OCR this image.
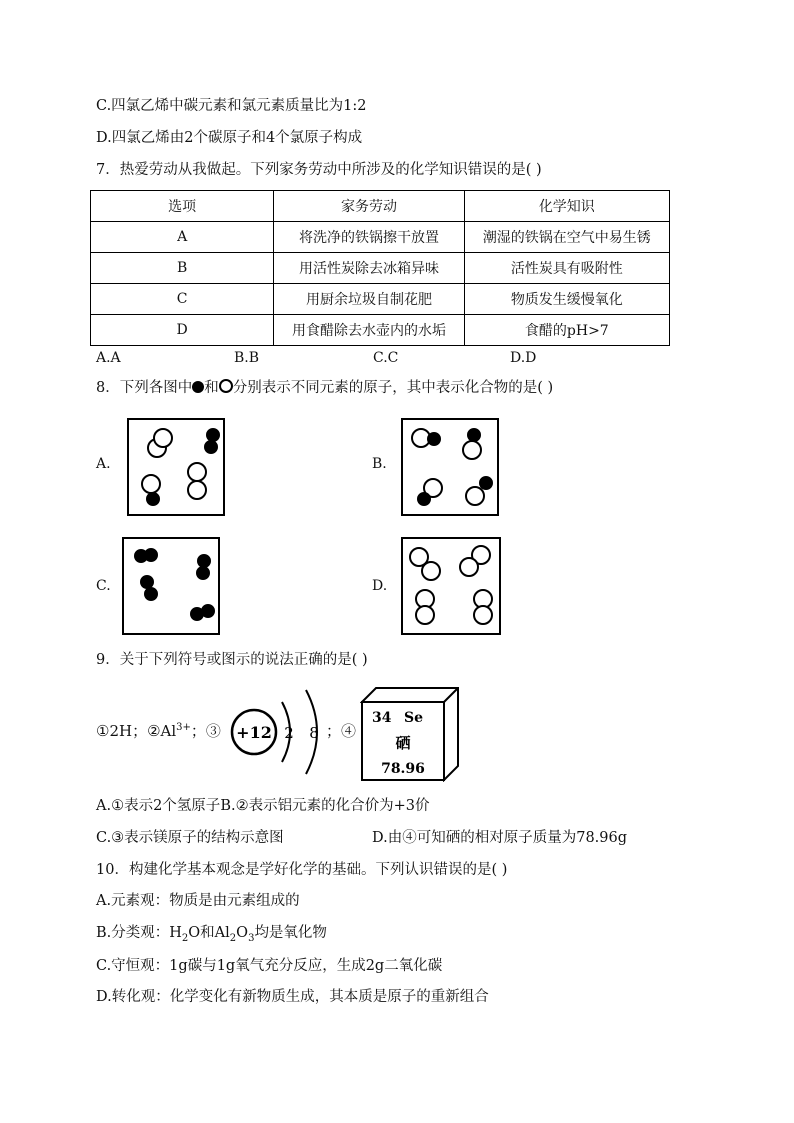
C.四氯乙烯中碳元素和氯元素质量比为1:2
D.四氯乙烯由2个碳原子和4个氯原子构成
7．热爱劳动从我做起。下列家务劳动中所涉及的化学知识错误的是( )
选项	家务劳动	化学知识
A	将洗净的铁锅擦干放置	潮湿的铁锅在空气中易生锈
B	用活性炭除去冰箱异味	活性炭具有吸附性
C	用厨余垃圾自制花肥	物质发生缓慢氧化
D	用食醋除去水壶内的水垢	食醋的pH>7
A.A	B.B	C.C	D.D
8．下列各图中 和 分别表示不同元素的原子，其中表示化合物的是( )
A.	B.
C.	D.
9．关于下列符号或图示的说法正确的是( )
①2H；$②Al^{3+}$；③ +12 2 8 ；④
34 Se
硒
78.96
A.①表示2个氢原子B.②表示铝元素的化合价为+3价
C.③表示镁原子的结构示意图	D.由④可知硒的相对原子质量为78.96g
10．构建化学基本观念是学好化学的基础。下列认识错误的是( )
A.元素观：物质是由元素组成的
B.分类观：$H_2O$和$Al_2O_3$均是氧化物
C.守恒观：1g碳与1g氧气充分反应，生成2g二氧化碳
D.转化观：化学变化有新物质生成，其本质是原子的重新组合
